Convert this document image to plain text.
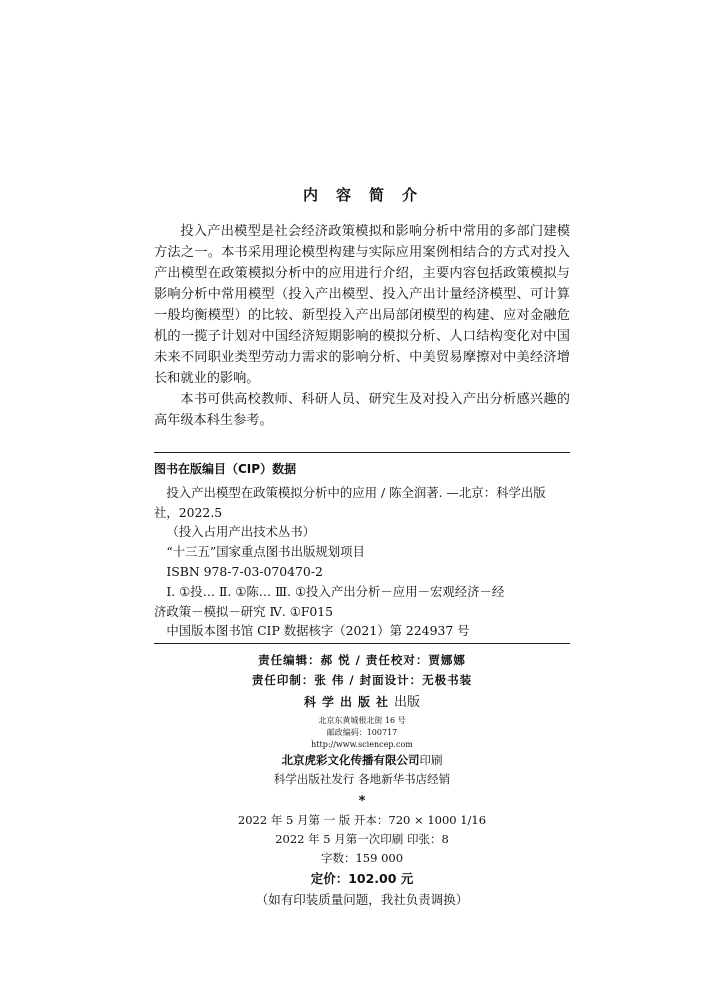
内容简介

投入产出模型是社会经济政策模拟和影响分析中常用的多部门建模方法之一。本书采用理论模型构建与实际应用案例相结合的方式对投入产出模型在政策模拟分析中的应用进行介绍，主要内容包括政策模拟与影响分析中常用模型（投入产出模型、投入产出计量经济模型、可计算一般均衡模型）的比较、新型投入产出局部闭模型的构建、应对金融危机的一揽子计划对中国经济短期影响的模拟分析、人口结构变化对中国未来不同职业类型劳动力需求的影响分析、中美贸易摩擦对中美经济增长和就业的影响。

本书可供高校教师、科研人员、研究生及对投入产出分析感兴趣的高年级本科生参考。

图书在版编目（CIP）数据
投入产出模型在政策模拟分析中的应用 / 陈全润著. —北京：科学出版
社，2022.5
（投入占用产出技术丛书）
“十三五”国家重点图书出版规划项目
ISBN 978-7-03-070470-2
Ⅰ. ①投… Ⅱ. ①陈… Ⅲ. ①投入产出分析－应用－宏观经济－经
济政策－模拟－研究 Ⅳ. ①F015
中国版本图书馆 CIP 数据核字（2021）第 224937 号
责任编辑：郝 悦 / 责任校对：贾娜娜
责任印制：张 伟 / 封面设计：无极书装
科学出版社出版
北京东黄城根北街 16 号
邮政编码：100717
http://www.sciencep.com
北京虎彩文化传播有限公司印刷
科学出版社发行 各地新华书店经销
*
2022 年 5 月第 一 版 开本：720 × 1000 1/16
2022 年 5 月第一次印刷 印张：8
字数：159 000
定价：102.00 元
（如有印装质量问题，我社负责调换）
